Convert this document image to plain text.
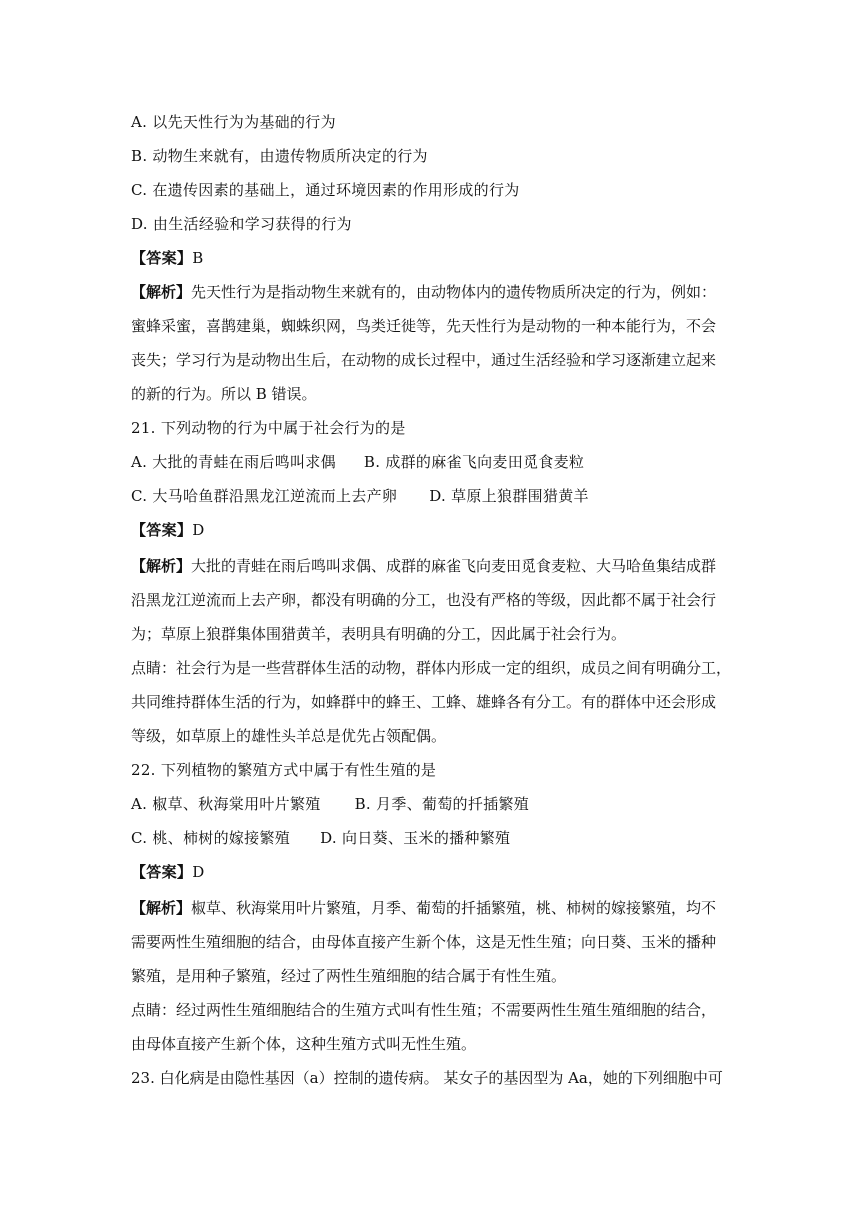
A. 以先天性行为为基础的行为
B. 动物生来就有，由遗传物质所决定的行为
C. 在遗传因素的基础上，通过环境因素的作用形成的行为
D. 由生活经验和学习获得的行为
【答案】B
【解析】先天性行为是指动物生来就有的，由动物体内的遗传物质所决定的行为，例如：
蜜蜂采蜜，喜鹊建巢，蜘蛛织网，鸟类迁徙等，先天性行为是动物的一种本能行为，不会
丧失；学习行为是动物出生后，在动物的成长过程中，通过生活经验和学习逐渐建立起来
的新的行为。所以 B 错误。
21. 下列动物的行为中属于社会行为的是
A. 大批的青蛙在雨后鸣叫求偶 B. 成群的麻雀飞向麦田觅食麦粒
C. 大马哈鱼群沿黑龙江逆流而上去产卵 D. 草原上狼群围猎黄羊
【答案】D
【解析】大批的青蛙在雨后鸣叫求偶、成群的麻雀飞向麦田觅食麦粒、大马哈鱼集结成群
沿黑龙江逆流而上去产卵，都没有明确的分工，也没有严格的等级，因此都不属于社会行
为；草原上狼群集体围猎黄羊，表明具有明确的分工，因此属于社会行为。
点睛：社会行为是一些营群体生活的动物，群体内形成一定的组织，成员之间有明确分工，
共同维持群体生活的行为，如蜂群中的蜂王、工蜂、雄蜂各有分工。有的群体中还会形成
等级，如草原上的雄性头羊总是优先占领配偶。
22. 下列植物的繁殖方式中属于有性生殖的是
A. 椒草、秋海棠用叶片繁殖 B. 月季、葡萄的扦插繁殖
C. 桃、柿树的嫁接繁殖 D. 向日葵、玉米的播种繁殖
【答案】D
【解析】椒草、秋海棠用叶片繁殖，月季、葡萄的扦插繁殖，桃、柿树的嫁接繁殖，均不
需要两性生殖细胞的结合，由母体直接产生新个体，这是无性生殖；向日葵、玉米的播种
繁殖，是用种子繁殖，经过了两性生殖细胞的结合属于有性生殖。
点睛：经过两性生殖细胞结合的生殖方式叫有性生殖；不需要两性生殖生殖细胞的结合，
由母体直接产生新个体，这种生殖方式叫无性生殖。
23. 白化病是由隐性基因（a）控制的遗传病。 某女子的基因型为 Aa，她的下列细胞中可
